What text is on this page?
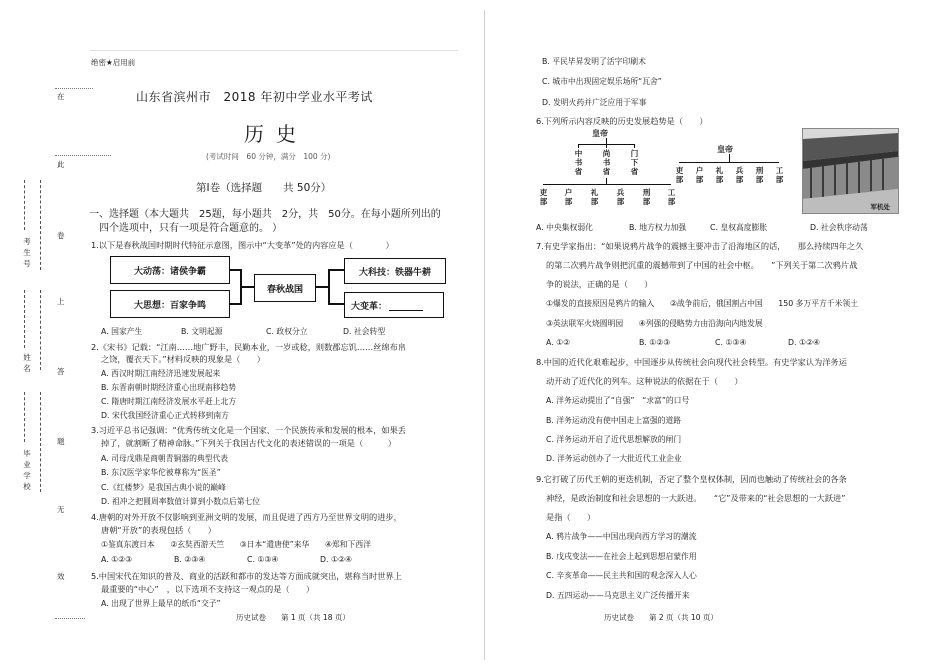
绝密★启用前
在
此
卷
上
答
题
无
效
考生号
姓名
毕业学校
山东省滨州市　2018 年初中学业水平考试
历史
(考试时间　60 分钟，满分　100 分)
第Ⅰ卷（选择题　　共 50分）
一、选择题（本大题共　25题，每小题共　2分，共　50分。在每小题所列出的
四个选项中，只有一项是符合题意的。 ）
1.以下是春秋战国时期时代特征示意图，图示中“大变革”处的内容应是（　　　　）
大动荡：诸侯争霸
大思想：百家争鸣
春秋战国
大科技：铁器牛耕
大变革：
A. 国家产生	B. 文明起源	C. 政权分立	D. 社会转型
2.《宋书》记载：“江南……地广野丰，民勤本业，一岁或稔，则数郡忘饥……丝绵布帛
之饶，覆衣天下。”材料反映的现象是（　　）
A. 西汉时期江南经济迅速发展起来
B. 东晋南朝时期经济重心出现南移趋势
C. 隋唐时期江南经济发展水平赶上北方
D. 宋代我国经济重心正式转移到南方
3.习近平总书记强调：“优秀传统文化是一个国家、一个民族传承和发展的根本，如果丢
掉了，就割断了精神命脉。”下列关于我国古代文化的表述错误的一项是（　　　）
A. 司母戊鼎是商朝青铜器的典型代表
B. 东汉医学家华佗被尊称为“医圣”
C.《红楼梦》是我国古典小说的巅峰
D. 祖冲之把圆周率数值计算到小数点后第七位
4.唐朝的对外开放不仅影响到亚洲文明的发展，而且促进了西方乃至世界文明的进步，
唐朝“开放”的表现包括（　　）
①鉴真东渡日本　　②玄奘西游天竺　　③日本“遣唐使”来华　　④郑和下西洋
A. ①②③	B. ②③④	C. ①③④	D. ①②④
5.中国宋代在知识的普及、商业的活跃和都市的发达等方面成就突出，堪称当时世界上
最重要的“中心”　，以下选项不支持这一观点的是（　　）
A. 出现了世界上最早的纸币“交子”
历史试卷　　第 1 页（共 18 页）
B. 平民毕昇发明了活字印刷术
C. 城市中出现固定娱乐场所“瓦舍”
D. 发明火药并广泛应用于军事
6.下列所示内容反映的历史发展趋势是（　　）
皇帝
中书省
尚书省
门下省
吏部
户部
礼部
兵部
刑部
工部
皇帝
吏部
户部
礼部
兵部
刑部
工部
军机处
A. 中央集权弱化	B. 地方权力加强	C. 皇权高度膨胀	D. 社会秩序动荡
7.有史学家指出：“如果说鸦片战争的震撼主要冲击了沿海地区的话，　　那么持续四年之久
的第二次鸦片战争则把沉重的震撼带到了中国的社会中枢。　　”下列关于第二次鸦片战
争的说法，正确的是（　　）
①爆发的直接原因是鸦片的输入　　②战争前后，俄国割占中国　　150 多万平方千米领土
③英法联军火烧圆明园　　④列强的侵略势力由沿海向内地发展
A. ①②	B. ①②③	C. ①③④	D. ①②④
8.中国的近代化艰难起步，中国逐步从传统社会向现代社会转型。有史学家认为洋务运
动开动了近代化的列车。这种说法的依据在于（　　）
A. 洋务运动提出了“自强”　“求富”的口号
B. 洋务运动没有使中国走上富强的道路
C. 洋务运动开启了近代思想解放的闸门
D. 洋务运动创办了一大批近代工业企业
9.它打破了历代王朝的更迭机制，否定了整个皇权体制，因而也触动了传统社会的各条
神经，是政治制度和社会思想的一大跃进。　　“它”及带来的“社会思想的一大跃进”
是指（　　）
A. 鸦片战争——中国出现向西方学习的潮流
B. 戊戌变法——在社会上起到思想启蒙作用
C. 辛亥革命——民主共和国的观念深入人心
D. 五四运动——马克思主义广泛传播开来
历史试卷　　第 2 页（共 10 页）
